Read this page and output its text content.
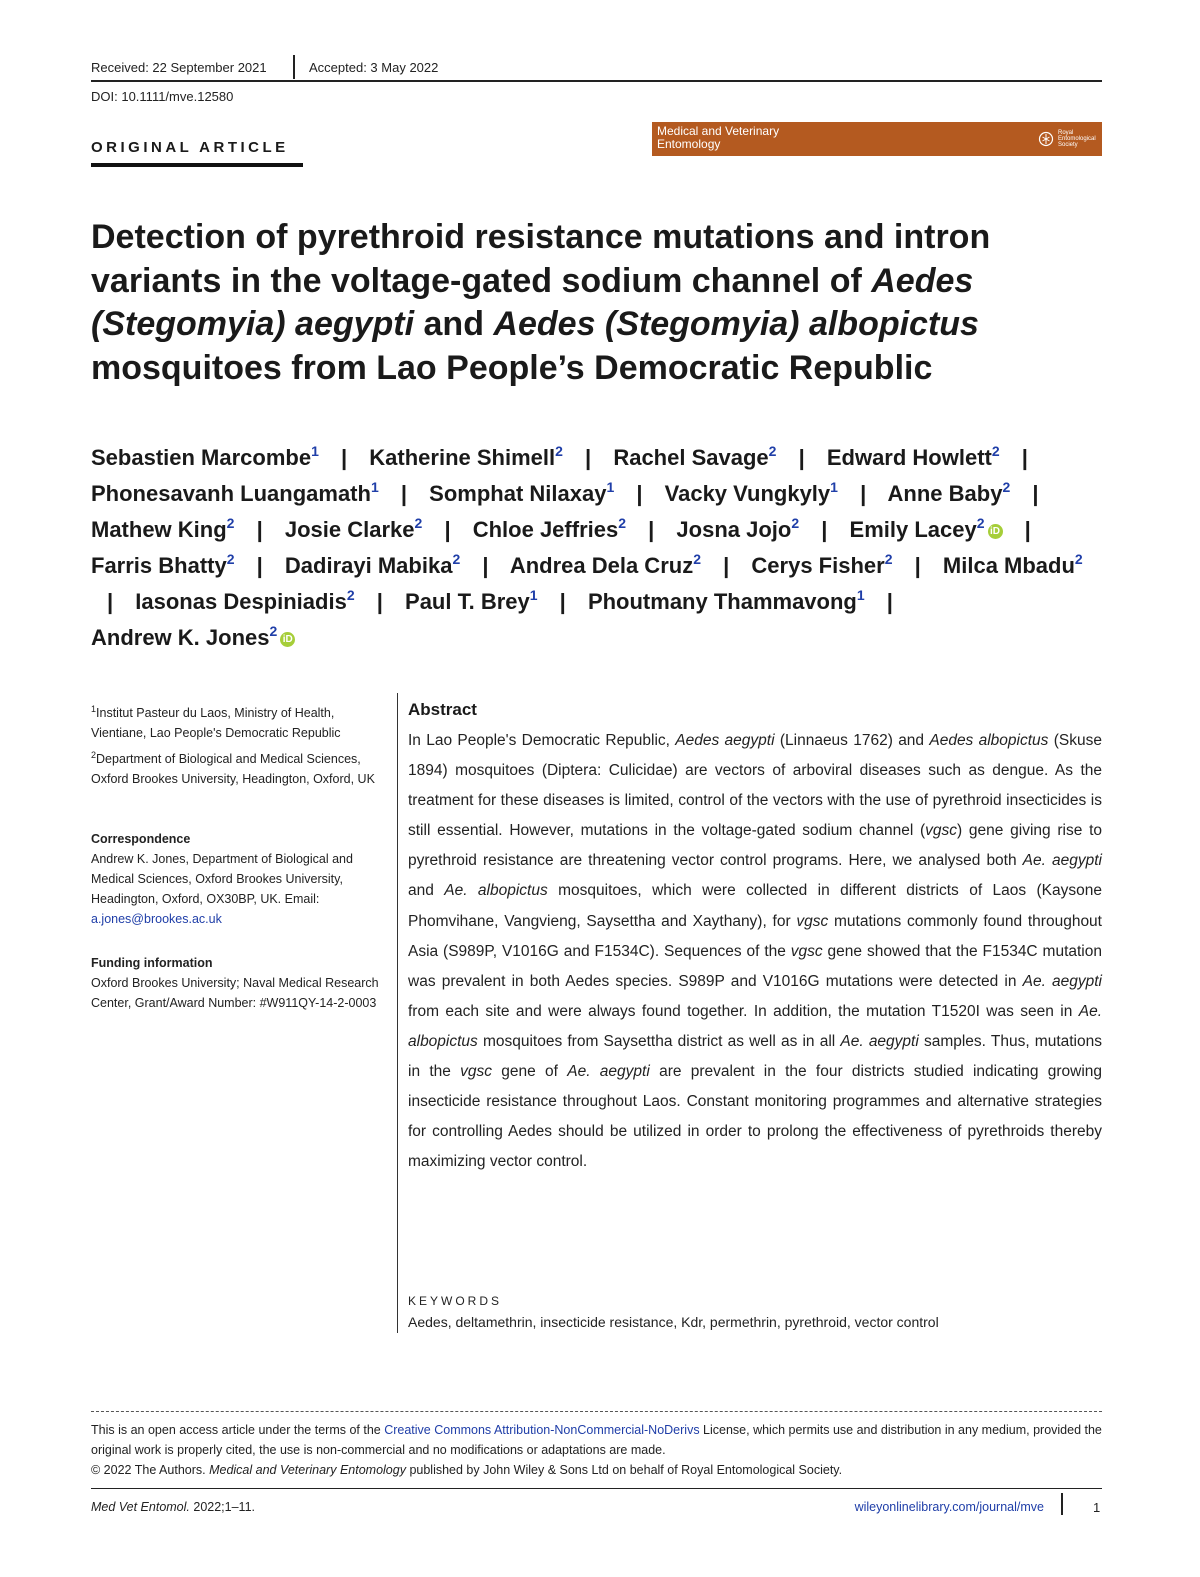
Received: 22 September 2021	Accepted: 3 May 2022
DOI: 10.1111/mve.12580
ORIGINAL ARTICLE
Medical and Veterinary
Entomology
Royal
Entomological
Society
Detection of pyrethroid resistance mutations and intron variants in the voltage-gated sodium channel of Aedes (Stegomyia) aegypti and Aedes (Stegomyia) albopictus mosquitoes from Lao People’s Democratic Republic
Sebastien Marcombe$^1$ | Katherine Shimell$^2$ | Rachel Savage$^2$ | Edward Howlett$^2$ | Phonesavanh Luangamath$^1$ | Somphat Nilaxay$^1$ | Vacky Vungkyly$^1$ | Anne Baby$^2$ | Mathew King$^2$ | Josie Clarke$^2$ | Chloe Jeffries$^2$ | Josna Jojo$^2$ | Emily Lacey$^2$iD | Farris Bhatty$^2$ | Dadirayi Mabika$^2$ | Andrea Dela Cruz$^2$ | Cerys Fisher$^2$ | Milca Mbadu$^2$ | Iasonas Despiniadis$^2$ | Paul T. Brey$^1$ | Phoutmany Thammavong$^1$ | Andrew K. Jones$^2$iD
$^1$Institut Pasteur du Laos, Ministry of Health, Vientiane, Lao People's Democratic Republic
$^2$Department of Biological and Medical Sciences, Oxford Brookes University, Headington, Oxford, UK
Correspondence
Andrew K. Jones, Department of Biological and Medical Sciences, Oxford Brookes University, Headington, Oxford, OX30BP, UK. Email: a.jones@brookes.ac.uk
Funding information
Oxford Brookes University; Naval Medical Research Center, Grant/Award Number: #W911QY-14-2-0003
Abstract
In Lao People's Democratic Republic, Aedes aegypti (Linnaeus 1762) and Aedes albopictus (Skuse 1894) mosquitoes (Diptera: Culicidae) are vectors of arboviral diseases such as dengue. As the treatment for these diseases is limited, control of the vectors with the use of pyrethroid insecticides is still essential. However, mutations in the voltage-gated sodium channel (vgsc) gene giving rise to pyrethroid resistance are threatening vector control programs. Here, we analysed both Ae. aegypti and Ae. albopictus mosquitoes, which were collected in different districts of Laos (Kaysone Phomvihane, Vangvieng, Saysettha and Xaythany), for vgsc mutations commonly found throughout Asia (S989P, V1016G and F1534C). Sequences of the vgsc gene showed that the F1534C mutation was prevalent in both Aedes species. S989P and V1016G mutations were detected in Ae. aegypti from each site and were always found together. In addition, the mutation T1520I was seen in Ae. albopictus mosquitoes from Saysettha district as well as in all Ae. aegypti samples. Thus, mutations in the vgsc gene of Ae. aegypti are prevalent in the four districts studied indicating growing insecticide resistance throughout Laos. Constant monitoring programmes and alternative strategies for controlling Aedes should be utilized in order to prolong the effectiveness of pyrethroids thereby maximizing vector control.
KEYWORDS
Aedes, deltamethrin, insecticide resistance, Kdr, permethrin, pyrethroid, vector control
This is an open access article under the terms of the Creative Commons Attribution-NonCommercial-NoDerivs License, which permits use and distribution in any medium, provided the original work is properly cited, the use is non-commercial and no modifications or adaptations are made.
© 2022 The Authors. Medical and Veterinary Entomology published by John Wiley & Sons Ltd on behalf of Royal Entomological Society.
Med Vet Entomol. 2022;1–11.	wileyonlinelibrary.com/journal/mve	1
